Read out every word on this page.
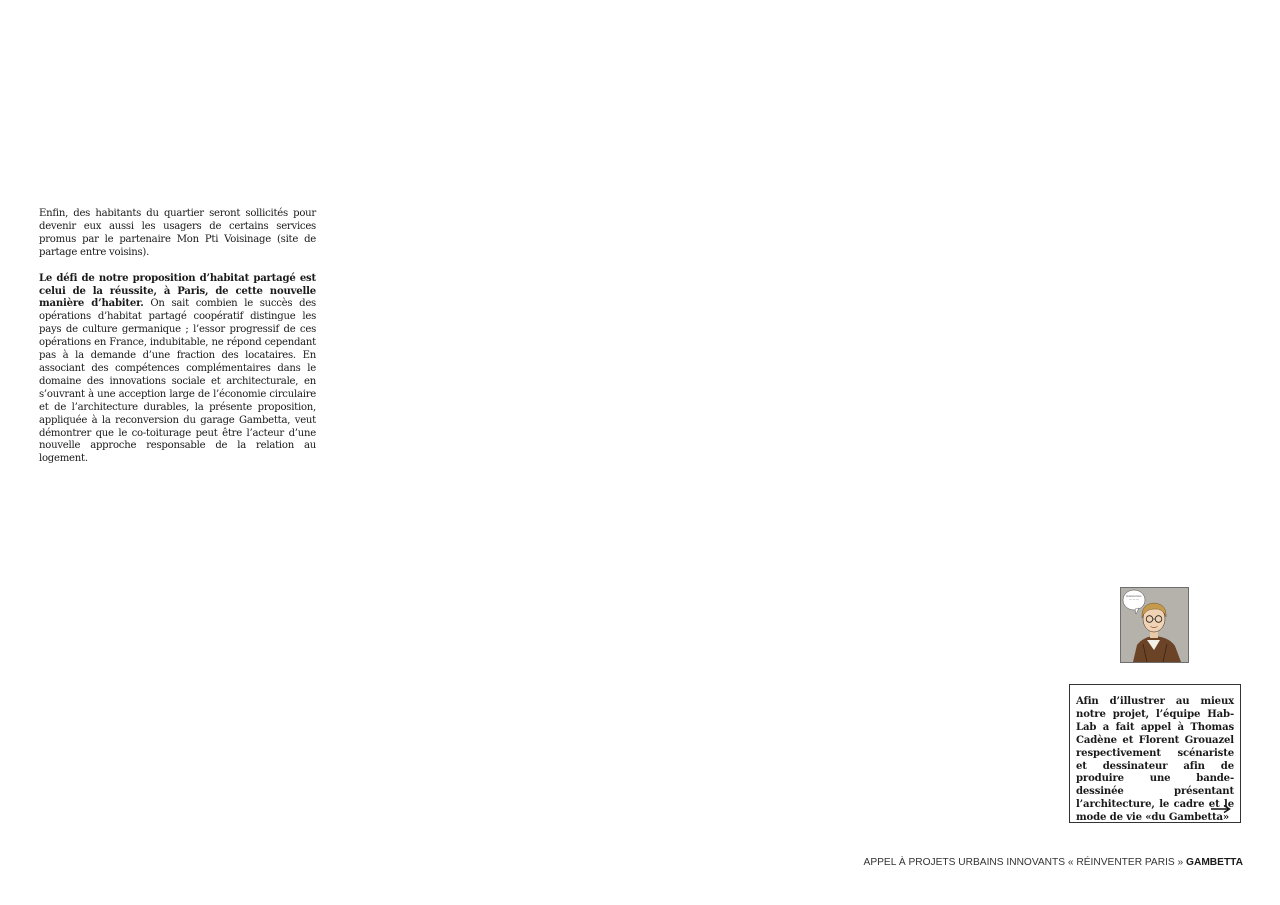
Enfin, des habitants du quartier seront sollicités pour devenir eux aussi les usagers de certains services promus par le partenaire Mon Pti Voisinage (site de partage entre voisins).

Le défi de notre proposition d’habitat partagé est celui de la réussite, à Paris, de cette nouvelle manière d’habiter. On sait combien le succès des opérations d’habitat partagé coopératif distingue les pays de culture germanique ; l’essor progressif de ces opérations en France, indubitable, ne répond cependant pas à la demande d’une fraction des locataires. En associant des compétences complémentaires dans le domaine des innovations sociale et architecturale, en s’ouvrant à une acception large de l’économie circulaire et de l’architecture durables, la présente proposition, appliquée à la reconversion du garage Gambetta, veut démontrer que le co-toiturage peut être l’acteur d’une nouvelle approche responsable de la relation au logement.

— — —

Afin d’illustrer au mieux notre projet, l’équipe Hab-Lab a fait appel à Thomas Cadène et Florent Grouazel respectivement scénariste et dessinateur afin de produire une bande-dessinée présentant l’architecture, le cadre et le mode de vie «du Gambetta»

APPEL À PROJETS URBAINS INNOVANTS « RÉINVENTER PARIS » GAMBETTA
